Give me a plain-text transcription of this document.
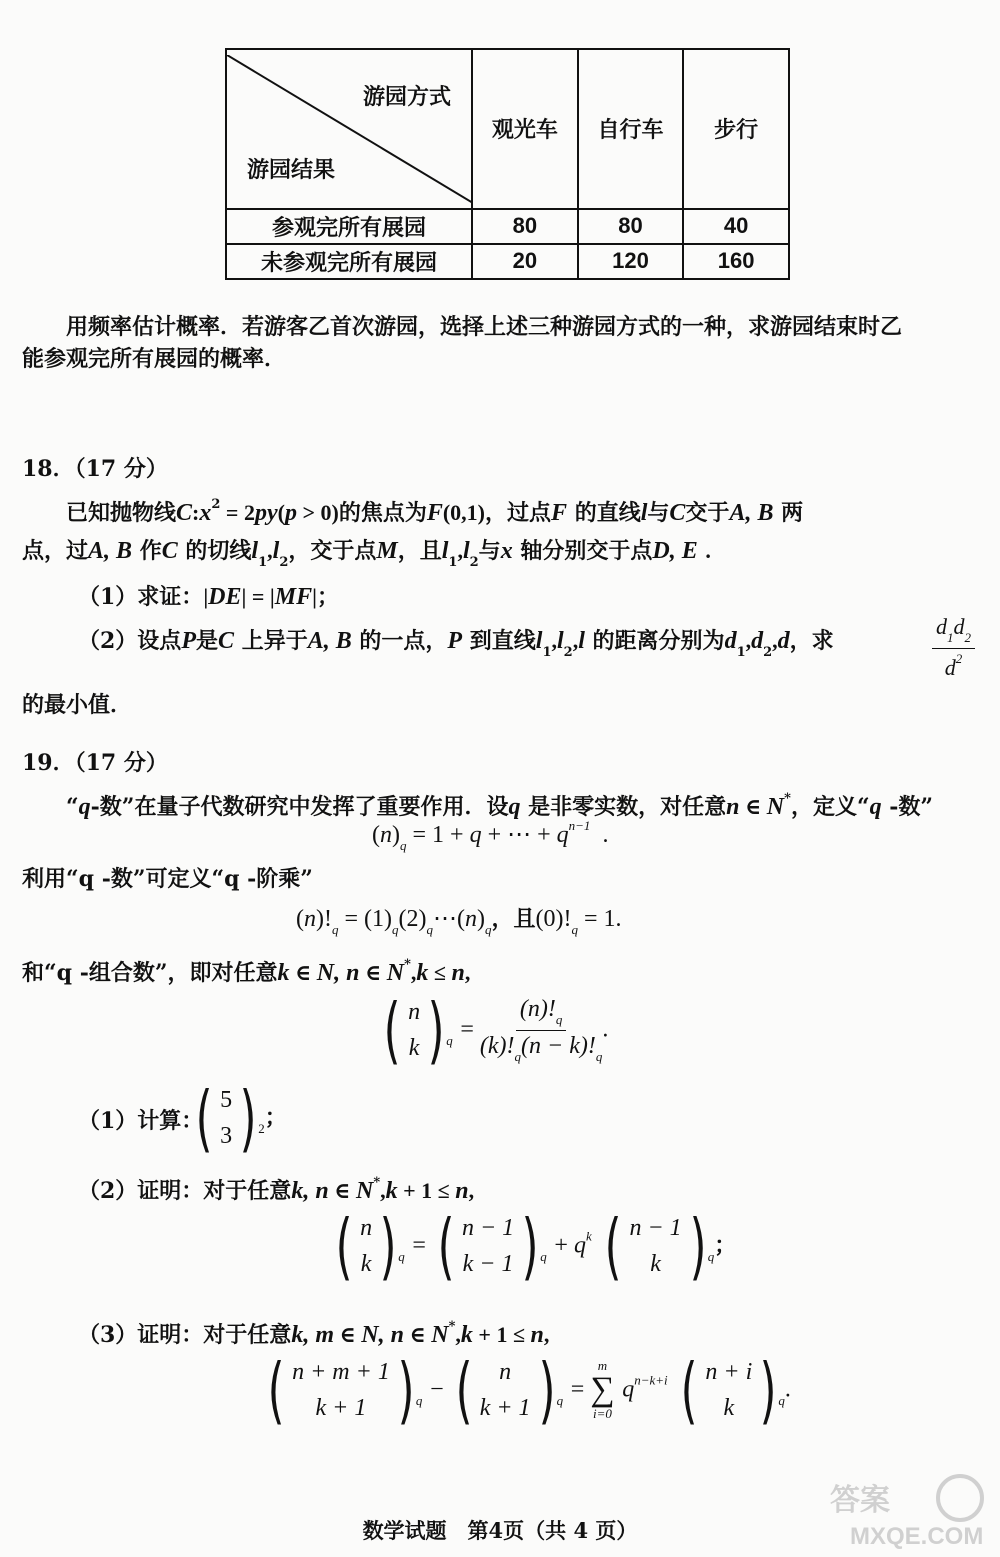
游园方式
游园结果	观光车	自行车	步行
参观完所有展园	80	80	40
未参观完所有展园	20	120	160
用频率估计概率．若游客乙首次游园，选择上述三种游园方式的一种，求游园结束时乙
能参观完所有展园的概率．
18．（17 分）
已知抛物线$C:x^2 = 2py(p > 0)$的焦点为F(0,1)，过点F 的直线l与C交于A, B 两
点，过A, B 作C 的切线$l_1,l_2$，交于点M，且$l_1,l_2$与x 轴分别交于点D, E .
（1）求证：|DE| = |MF|；
（2）设点P是C 上异于A, B 的一点，P 到直线$l_1,l_2,l$ 的距离分别为$d_1,d_2,d$，求	$\frac{d_1d_2}{d^2}$
的最小值．
19．（17 分）
“q-数”在量子代数研究中发挥了重要作用．设q 是非零实数，对任意n ∈ N*，定义“q -数”
$(n)_q = 1 + q$ + ⋯ + $q^{n-1}$  .
利用“q -数”可定义“q -阶乘”
$(n)!_q$ = $(1)_q(2)_q\cdots(n)_q$，且$(0)!_q = 1$.
和“q -组合数”，即对任意k ∈ N, n ∈ N*,k ≤ n,
( n
k ) $_q = \frac{(n)!_q}{(k)!_q(n - k)!_q}$ .
（1）计算：
( 5
3 ) $_2$；
（2）证明：对于任意k, n ∈ N*,k + 1 ≤ n,
( n
k ) $_q$ = ( n − 1
k − 1 ) $_q + q^k$ ( n − 1
k ) $_q$；
（3）证明：对于任意k, m ∈ N, n ∈ N*,k + 1 ≤ n,
( n + m + 1
k + 1 ) $_q$ − ( n
k + 1 ) $_q$ =
m
∑
i=0
$q^{n-k+i}$ ( n + i
k ) $_q$.
数学试题　第4页（共 4 页）
答案
MXQE.COM
